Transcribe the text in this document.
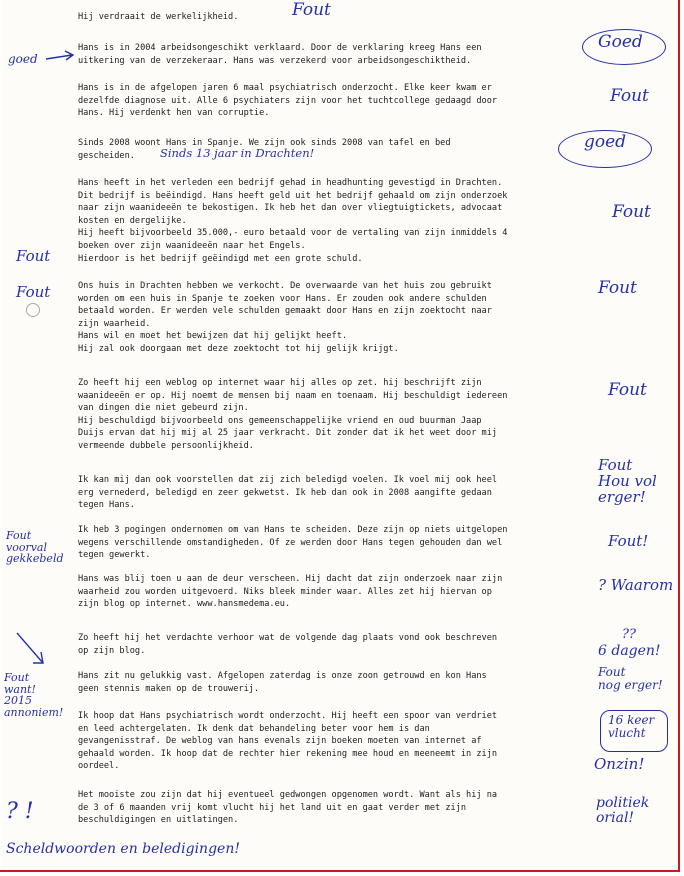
Hij verdraait de werkelijkheid.

Hans is in 2004 arbeidsongeschikt verklaard. Door de verklaring kreeg Hans een
uitkering van de verzekeraar. Hans was verzekerd voor arbeidsongeschiktheid.

Hans is in de afgelopen jaren 6 maal psychiatrisch onderzocht. Elke keer kwam er
dezelfde diagnose uit. Alle 6 psychiaters zijn voor het tuchtcollege gedaagd door
Hans. Hij verdenkt hen van corruptie.

Sinds 2008 woont Hans in Spanje. We zijn ook sinds 2008 van tafel en bed
gescheiden.

Hans heeft in het verleden een bedrijf gehad in headhunting gevestigd in Drachten.
Dit bedrijf is beëindigd. Hans heeft geld uit het bedrijf gehaald om zijn onderzoek
naar zijn waanideeën te bekostigen. Ik heb het dan over vliegtuigtickets, advocaat
kosten en dergelijke.
Hij heeft bijvoorbeeld 35.000,- euro betaald voor de vertaling van zijn inmiddels 4
boeken over zijn waanideeën naar het Engels.
Hierdoor is het bedrijf geëindigd met een grote schuld.

Ons huis in Drachten hebben we verkocht. De overwaarde van het huis zou gebruikt
worden om een huis in Spanje te zoeken voor Hans. Er zouden ook andere schulden
betaald worden. Er werden vele schulden gemaakt door Hans en zijn zoektocht naar
zijn waarheid.
Hans wil en moet het bewijzen dat hij gelijkt heeft.
Hij zal ook doorgaan met deze zoektocht tot hij gelijk krijgt.

Zo heeft hij een weblog op internet waar hij alles op zet. hij beschrijft zijn
waanideeën er op. Hij noemt de mensen bij naam en toenaam. Hij beschuldigt iedereen
van dingen die niet gebeurd zijn.
Hij beschuldigd bijvoorbeeld ons gemeenschappelijke vriend en oud buurman Jaap
Duijs ervan dat hij mij al 25 jaar verkracht. Dit zonder dat ik het weet door mij
vermeende dubbele persoonlijkheid.

Ik kan mij dan ook voorstellen dat zij zich beledigd voelen. Ik voel mij ook heel
erg vernederd, beledigd en zeer gekwetst. Ik heb dan ook in 2008 aangifte gedaan
tegen Hans.

Ik heb 3 pogingen ondernomen om van Hans te scheiden. Deze zijn op niets uitgelopen
wegens verschillende omstandigheden. Of ze werden door Hans tegen gehouden dan wel
tegen gewerkt.

Hans was blij toen u aan de deur verscheen. Hij dacht dat zijn onderzoek naar zijn
waarheid zou worden uitgevoerd. Niks bleek minder waar. Alles zet hij hiervan op
zijn blog op internet. www.hansmedema.eu.

Zo heeft hij het verdachte verhoor wat de volgende dag plaats vond ook beschreven
op zijn blog.

Hans zit nu gelukkig vast. Afgelopen zaterdag is onze zoon getrouwd en kon Hans
geen stennis maken op de trouwerij.

Ik hoop dat Hans psychiatrisch wordt onderzocht. Hij heeft een spoor van verdriet
en leed achtergelaten. Ik denk dat behandeling beter voor hem is dan
gevangenisstraf. De weblog van hans evenals zijn boeken moeten van internet af
gehaald worden. Ik hoop dat de rechter hier rekening mee houd en meeneemt in zijn
oordeel.

Het mooiste zou zijn dat hij eventueel gedwongen opgenomen wordt. Want als hij na
de 3 of 6 maanden vrij komt vlucht hij het land uit en gaat verder met zijn
beschuldigingen en uitlatingen.

Fout
goed
Goed
Fout
goed
Sinds 13 jaar in Drachten!
Fout
Fout
Fout	Fout
Fout
Fout
Hou vol
erger!
Fout!
Fout
voorval
gekkebeld
? Waarom
??
6 dagen!
Fout
nog erger!
Fout
want!
2015
annoniem!
16 keer
vlucht
Onzin!
politiek
orial!
? !
Scheldwoorden en beledigingen!
